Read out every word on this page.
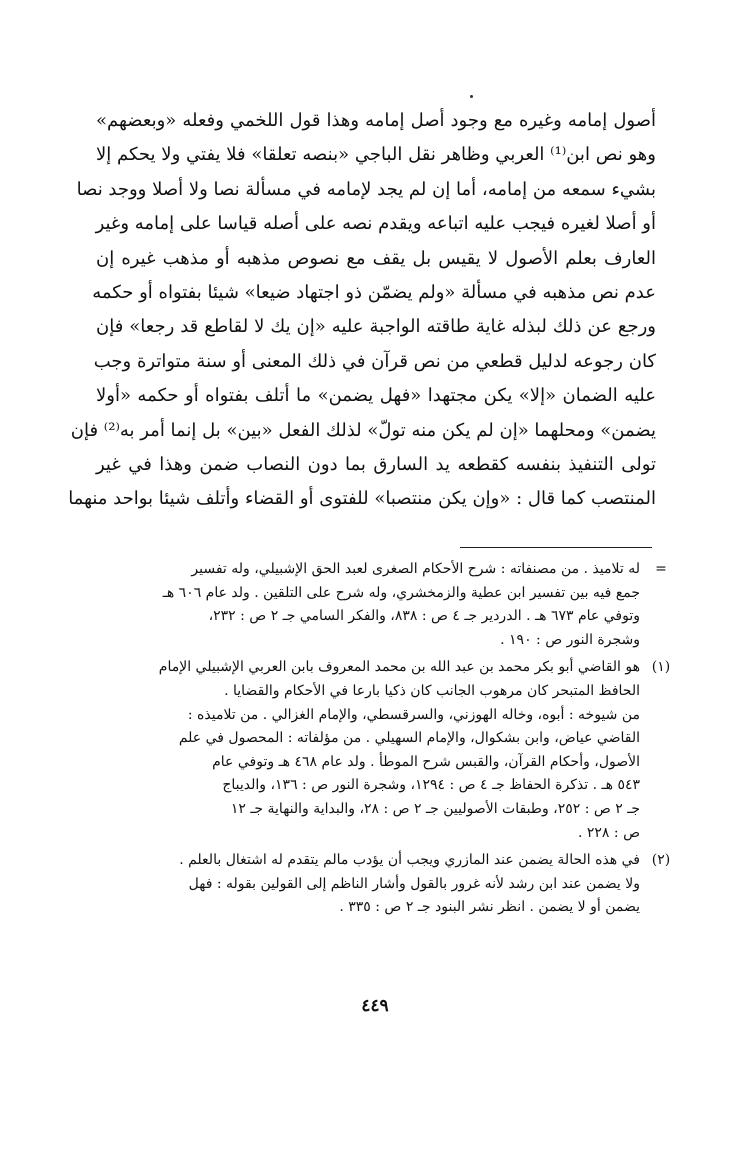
أصول إمامه وغيره مع وجود أصل إمامه وهذا قول اللخمي وفعله «وبعضهم»
وهو نص ابن⁽¹⁾ العربي وظاهر نقل الباجي «بنصه تعلقا» فلا يفتي ولا يحكم إلا
بشيء سمعه من إمامه، أما إن لم يجد لإمامه في مسألة نصا ولا أصلا ووجد نصا
أو أصلا لغيره فيجب عليه اتباعه ويقدم نصه على أصله قياسا على إمامه وغير
العارف بعلم الأصول لا يقيس بل يقف مع نصوص مذهبه أو مذهب غيره إن
عدم نص مذهبه في مسألة «ولم يضمّن ذو اجتهاد ضيعا» شيئا بفتواه أو حكمه
ورجع عن ذلك لبذله غاية طاقته الواجبة عليه «إن يك لا لقاطع قد رجعا» فإن
كان رجوعه لدليل قطعي من نص قرآن في ذلك المعنى أو سنة متواترة وجب
عليه الضمان «إلا» يكن مجتهدا «فهل يضمن» ما أتلف بفتواه أو حكمه «أولا
يضمن» ومحلهما «إن لم يكن منه تولّ» لذلك الفعل «بين» بل إنما أمر به⁽²⁾ فإن
تولى التنفيذ بنفسه كقطعه يد السارق بما دون النصاب ضمن وهذا في غير
المنتصب كما قال : «وإن يكن منتصبا» للفتوى أو القضاء وأتلف شيئا بواحد منهما
=
له تلاميذ . من مصنفاته : شرح الأحكام الصغرى لعبد الحق الإشبيلي، وله تفسير
جمع فيه بين تفسير ابن عطية والزمخشري، وله شرح على التلقين . ولد عام ٦٠٦ هـ
وتوفي عام ٦٧٣ هـ . الدردير جـ ٤ ص : ٨٣٨، والفكر السامي جـ ٢ ص : ٢٣٢،
وشجرة النور ص : ١٩٠ .
(١)
هو القاضي أبو بكر محمد بن عبد الله بن محمد المعروف بابن العربي الإشبيلي الإمام
الحافظ المتبحر كان مرهوب الجانب كان ذكيا بارعا في الأحكام والقضايا .
من شيوخه : أبوه، وخاله الهوزني، والسرقسطي، والإمام الغزالي . من تلاميذه :
القاضي عياض، وابن بشكوال، والإمام السهيلي . من مؤلفاته : المحصول في علم
الأصول، وأحكام القرآن، والقبس شرح الموطأ . ولد عام ٤٦٨ هـ وتوفي عام
٥٤٣ هـ . تذكرة الحفاظ جـ ٤ ص : ١٢٩٤، وشجرة النور ص : ١٣٦، والديباج
جـ ٢ ص : ٢٥٢، وطبقات الأصوليين جـ ٢ ص : ٢٨، والبداية والنهاية جـ ١٢
ص : ٢٢٨ .
(٢)
في هذه الحالة يضمن عند المازري ويجب أن يؤدب مالم يتقدم له اشتغال بالعلم .
ولا يضمن عند ابن رشد لأنه غرور بالقول وأشار الناظم إلى القولين بقوله : فهل
يضمن أو لا يضمن . انظر نشر البنود جـ ٢ ص : ٣٣٥ .
٤٤٩
